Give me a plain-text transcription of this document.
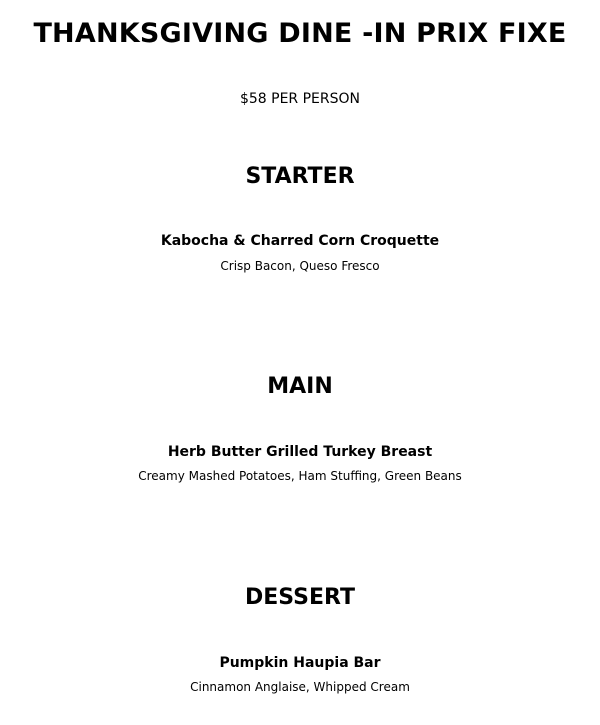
THANKSGIVING DINE -IN PRIX FIXE
$58 PER PERSON
STARTER
Kabocha & Charred Corn Croquette
Crisp Bacon, Queso Fresco
MAIN
Herb Butter Grilled Turkey Breast
Creamy Mashed Potatoes, Ham Stuffing, Green Beans
DESSERT
Pumpkin Haupia Bar
Cinnamon Anglaise, Whipped Cream
